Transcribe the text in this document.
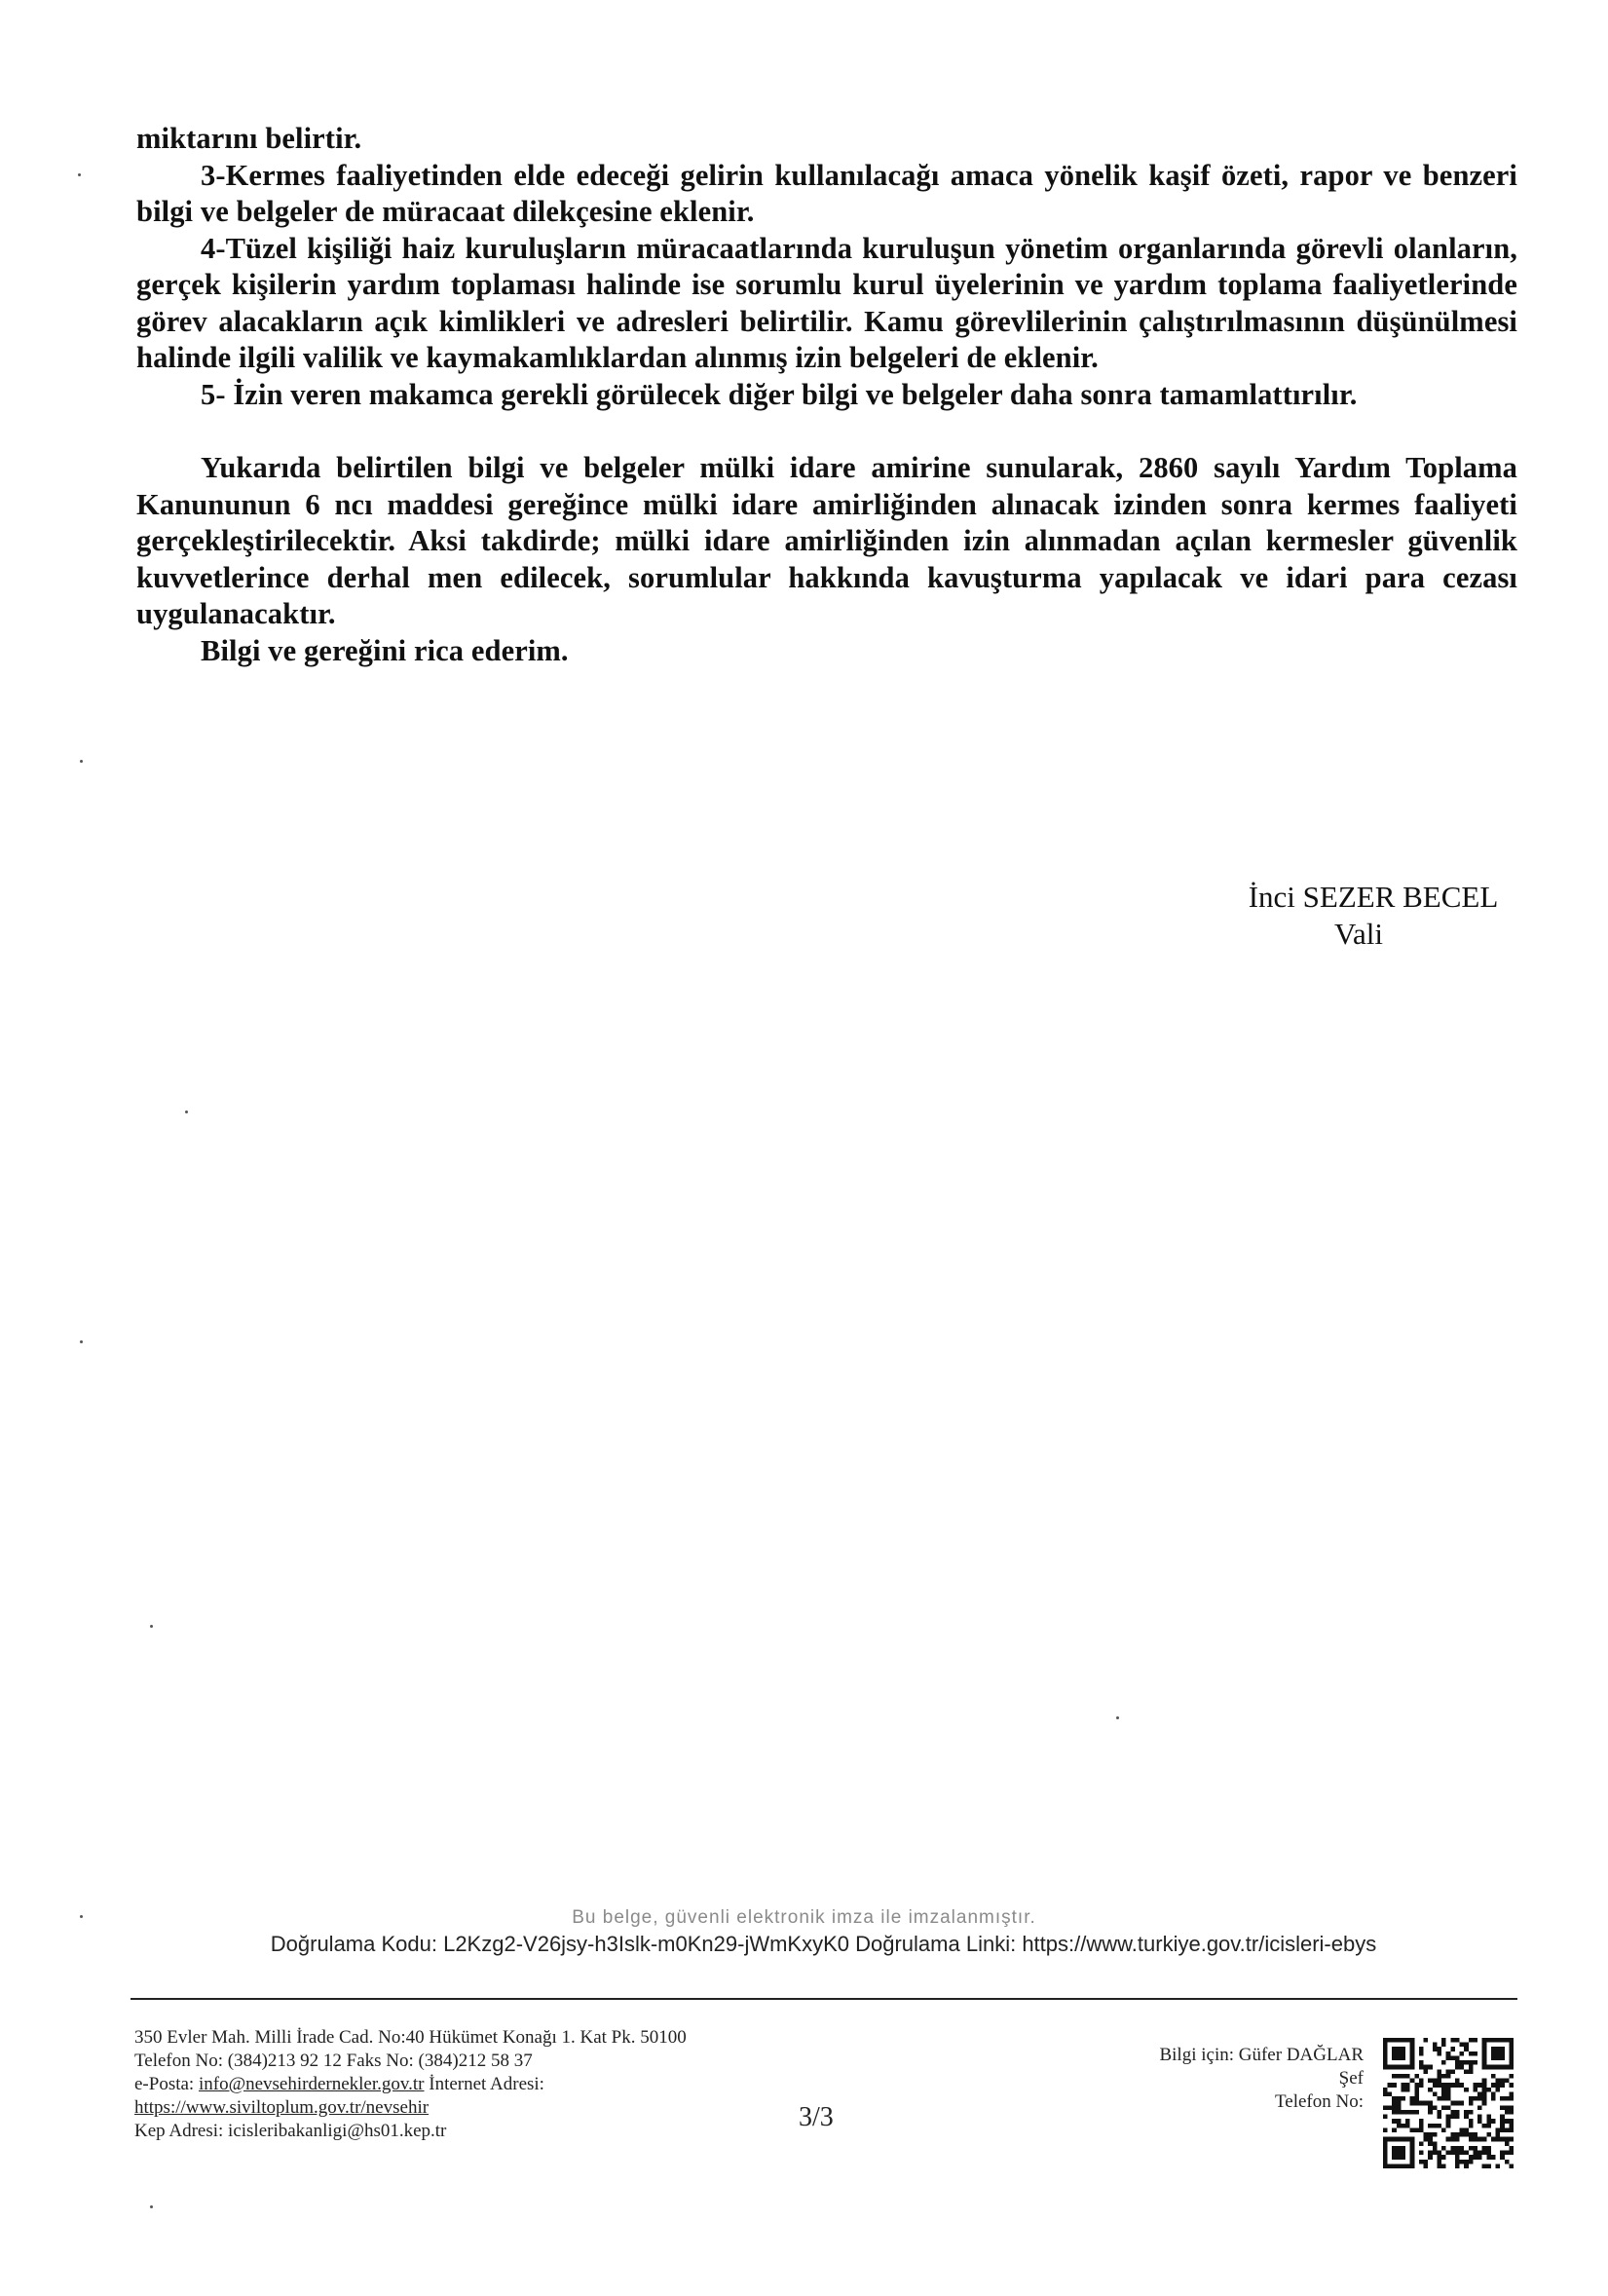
miktarını belirtir.

3-Kermes faaliyetinden elde edeceği gelirin kullanılacağı amaca yönelik kaşif özeti, rapor ve benzeri bilgi ve belgeler de müracaat dilekçesine eklenir.

4-Tüzel kişiliği haiz kuruluşların müracaatlarında kuruluşun yönetim organlarında görevli olanların, gerçek kişilerin yardım toplaması halinde ise sorumlu kurul üyelerinin ve yardım toplama faaliyetlerinde görev alacakların açık kimlikleri ve adresleri belirtilir. Kamu görevlilerinin çalıştırılmasının düşünülmesi halinde ilgili valilik ve kaymakamlıklardan alınmış izin belgeleri de eklenir.

5- İzin veren makamca gerekli görülecek diğer bilgi ve belgeler daha sonra tamamlattırılır.

Yukarıda belirtilen bilgi ve belgeler mülki idare amirine sunularak, 2860 sayılı Yardım Toplama Kanununun 6 ncı maddesi gereğince mülki idare amirliğinden alınacak izinden sonra kermes faaliyeti gerçekleştirilecektir. Aksi takdirde; mülki idare amirliğinden izin alınmadan açılan kermesler güvenlik kuvvetlerince derhal men edilecek, sorumlular hakkında kavuşturma yapılacak ve idari para cezası uygulanacaktır.

Bilgi ve gereğini rica ederim.

İnci SEZER BECEL
Vali
Bu belge, güvenli elektronik imza ile imzalanmıştır.
Doğrulama Kodu: L2Kzg2-V26jsy-h3Islk-m0Kn29-jWmKxyK0 Doğrulama Linki: https://www.turkiye.gov.tr/icisleri-ebys
350 Evler Mah. Milli İrade Cad. No:40 Hükümet Konağı 1. Kat Pk. 50100
Telefon No: (384)213 92 12 Faks No: (384)212 58 37
e-Posta: info@nevsehirdernekler.gov.tr İnternet Adresi:
https://www.siviltoplum.gov.tr/nevsehir
Kep Adresi: icisleribakanligi@hs01.kep.tr
Bilgi için: Güfer DAĞLAR
Şef
Telefon No:
3/3
